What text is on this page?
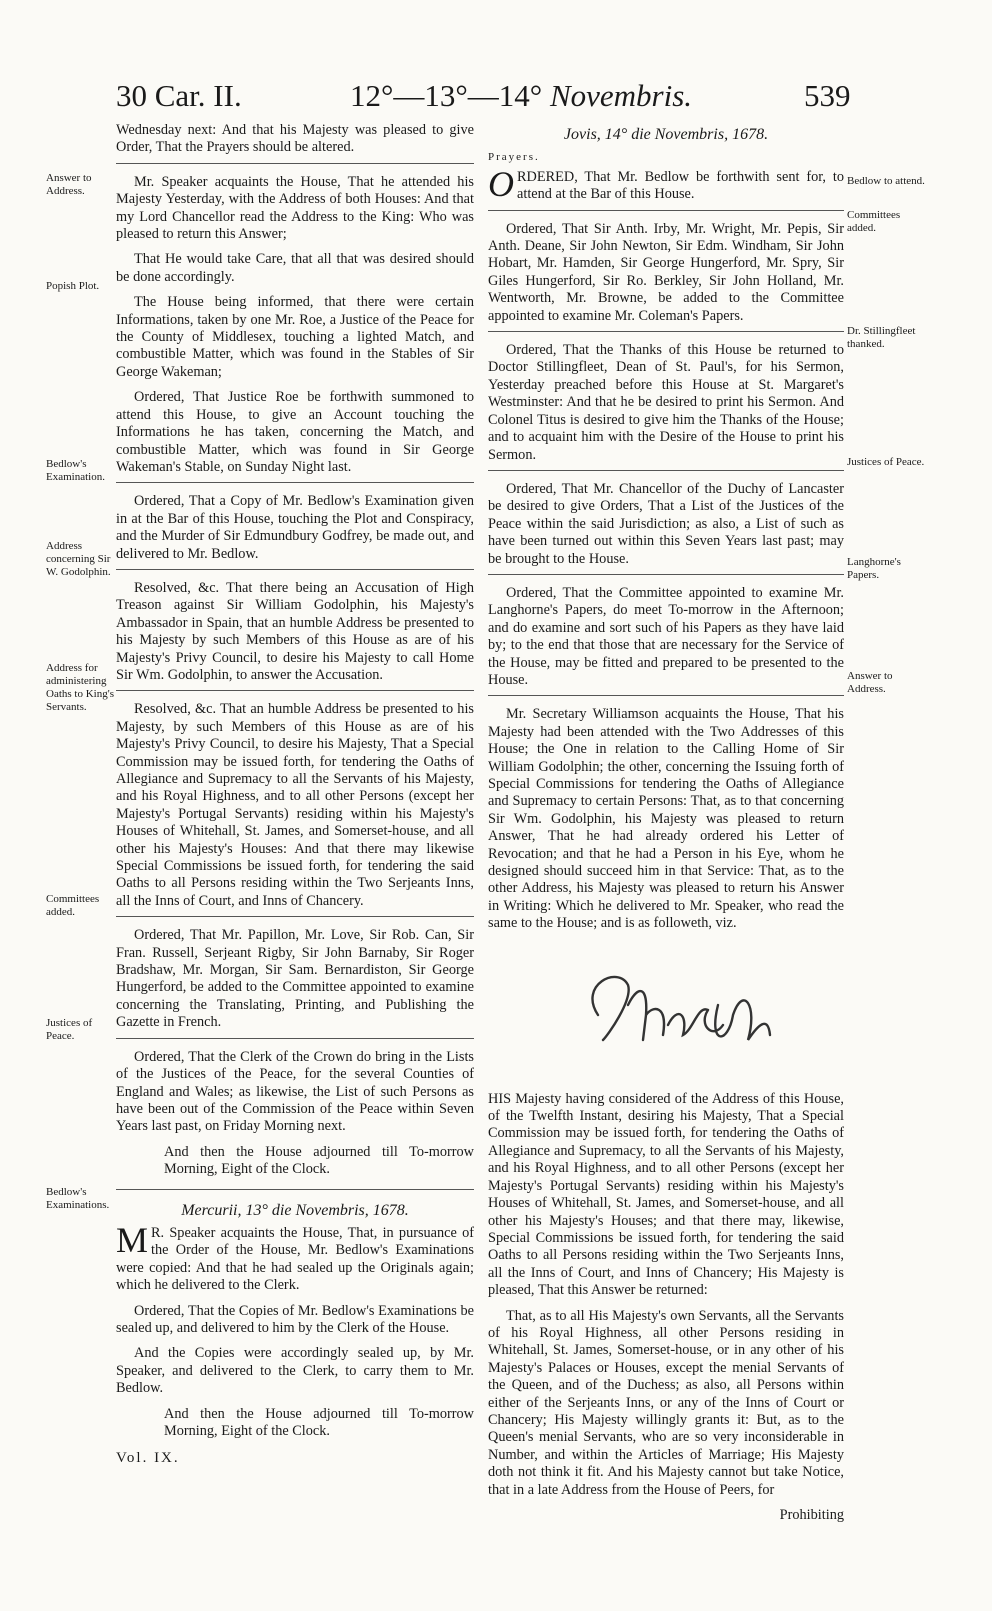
30 Car. II.	12°—13°—14° Novembris.	539
Answer to Address.
Popish Plot.
Bedlow's Examination.
Address concerning Sir W. Godolphin.
Address for administering Oaths to King's Servants.
Committees added.
Justices of Peace.
Bedlow's Examinations.
Bedlow to attend.
Committees added.
Dr. Stillingfleet thanked.
Justices of Peace.
Langhorne's Papers.
Answer to Address.

Wednesday next: And that his Majesty was pleased to give Order, That the Prayers should be altered.

Mr. Speaker acquaints the House, That he attended his Majesty Yesterday, with the Address of both Houses: And that my Lord Chancellor read the Address to the King: Who was pleased to return this Answer;

That He would take Care, that all that was desired should be done accordingly.

The House being informed, that there were certain Informations, taken by one Mr. Roe, a Justice of the Peace for the County of Middlesex, touching a lighted Match, and combustible Matter, which was found in the Stables of Sir George Wakeman;

Ordered, That Justice Roe be forthwith summoned to attend this House, to give an Account touching the Informations he has taken, concerning the Match, and combustible Matter, which was found in Sir George Wakeman's Stable, on Sunday Night last.

Ordered, That a Copy of Mr. Bedlow's Examination given in at the Bar of this House, touching the Plot and Conspiracy, and the Murder of Sir Edmundbury Godfrey, be made out, and delivered to Mr. Bedlow.

Resolved, &c. That there being an Accusation of High Treason against Sir William Godolphin, his Majesty's Ambassador in Spain, that an humble Address be presented to his Majesty by such Members of this House as are of his Majesty's Privy Council, to desire his Majesty to call Home Sir Wm. Godolphin, to answer the Accusation.

Resolved, &c. That an humble Address be presented to his Majesty, by such Members of this House as are of his Majesty's Privy Council, to desire his Majesty, That a Special Commission may be issued forth, for tendering the Oaths of Allegiance and Supremacy to all the Servants of his Majesty, and his Royal Highness, and to all other Persons (except her Majesty's Portugal Servants) residing within his Majesty's Houses of Whitehall, St. James, and Somerset-house, and all other his Majesty's Houses: And that there may likewise Special Commissions be issued forth, for tendering the said Oaths to all Persons residing within the Two Serjeants Inns, all the Inns of Court, and Inns of Chancery.

Ordered, That Mr. Papillon, Mr. Love, Sir Rob. Can, Sir Fran. Russell, Serjeant Rigby, Sir John Barnaby, Sir Roger Bradshaw, Mr. Morgan, Sir Sam. Bernardiston, Sir George Hungerford, be added to the Committee appointed to examine concerning the Translating, Printing, and Publishing the Gazette in French.

Ordered, That the Clerk of the Crown do bring in the Lists of the Justices of the Peace, for the several Counties of England and Wales; as likewise, the List of such Persons as have been out of the Commission of the Peace within Seven Years last past, on Friday Morning next.

And then the House adjourned till To-morrow Morning, Eight of the Clock.

Mercurii, 13° die Novembris, 1678.

MR. Speaker acquaints the House, That, in pursuance of the Order of the House, Mr. Bedlow's Examinations were copied: And that he had sealed up the Originals again; which he delivered to the Clerk.

Ordered, That the Copies of Mr. Bedlow's Examinations be sealed up, and delivered to him by the Clerk of the House.

And the Copies were accordingly sealed up, by Mr. Speaker, and delivered to the Clerk, to carry them to Mr. Bedlow.

And then the House adjourned till To-morrow Morning, Eight of the Clock.

Vol. IX.

Jovis, 14° die Novembris, 1678.

Prayers.

ORDERED, That Mr. Bedlow be forthwith sent for, to attend at the Bar of this House.

Ordered, That Sir Anth. Irby, Mr. Wright, Mr. Pepis, Sir Anth. Deane, Sir John Newton, Sir Edm. Windham, Sir John Hobart, Mr. Hamden, Sir George Hungerford, Mr. Spry, Sir Giles Hungerford, Sir Ro. Berkley, Sir John Holland, Mr. Wentworth, Mr. Browne, be added to the Committee appointed to examine Mr. Coleman's Papers.

Ordered, That the Thanks of this House be returned to Doctor Stillingfleet, Dean of St. Paul's, for his Sermon, Yesterday preached before this House at St. Margaret's Westminster: And that he be desired to print his Sermon. And Colonel Titus is desired to give him the Thanks of the House; and to acquaint him with the Desire of the House to print his Sermon.

Ordered, That Mr. Chancellor of the Duchy of Lancaster be desired to give Orders, That a List of the Justices of the Peace within the said Jurisdiction; as also, a List of such as have been turned out within this Seven Years last past; may be brought to the House.

Ordered, That the Committee appointed to examine Mr. Langhorne's Papers, do meet To-morrow in the Afternoon; and do examine and sort such of his Papers as they have laid by; to the end that those that are necessary for the Service of the House, may be fitted and prepared to be presented to the House.

Mr. Secretary Williamson acquaints the House, That his Majesty had been attended with the Two Addresses of this House; the One in relation to the Calling Home of Sir William Godolphin; the other, concerning the Issuing forth of Special Commissions for tendering the Oaths of Allegiance and Supremacy to certain Persons: That, as to that concerning Sir Wm. Godolphin, his Majesty was pleased to return Answer, That he had already ordered his Letter of Revocation; and that he had a Person in his Eye, whom he designed should succeed him in that Service: That, as to the other Address, his Majesty was pleased to return his Answer in Writing: Which he delivered to Mr. Speaker, who read the same to the House; and is as followeth, viz.

HIS Majesty having considered of the Address of this House, of the Twelfth Instant, desiring his Majesty, That a Special Commission may be issued forth, for tendering the Oaths of Allegiance and Supremacy, to all the Servants of his Majesty, and his Royal Highness, and to all other Persons (except her Majesty's Portugal Servants) residing within his Majesty's Houses of Whitehall, St. James, and Somerset-house, and all other his Majesty's Houses; and that there may, likewise, Special Commissions be issued forth, for tendering the said Oaths to all Persons residing within the Two Serjeants Inns, all the Inns of Court, and Inns of Chancery; His Majesty is pleased, That this Answer be returned:

That, as to all His Majesty's own Servants, all the Servants of his Royal Highness, all other Persons residing in Whitehall, St. James, Somerset-house, or in any other of his Majesty's Palaces or Houses, except the menial Servants of the Queen, and of the Duchess; as also, all Persons within either of the Serjeants Inns, or any of the Inns of Court or Chancery; His Majesty willingly grants it: But, as to the Queen's menial Servants, who are so very inconsiderable in Number, and within the Articles of Marriage; His Majesty doth not think it fit. And his Majesty cannot but take Notice, that in a late Address from the House of Peers, for

Prohibiting
